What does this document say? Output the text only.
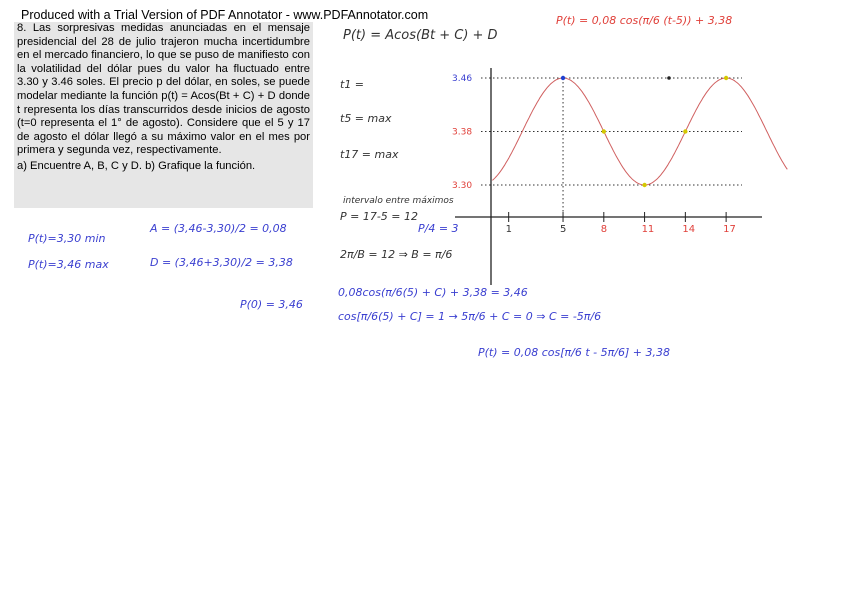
Produced with a Trial Version of PDF Annotator - www.PDFAnnotator.com
8. Las sorpresivas medidas anunciadas en el mensaje presidencial del 28 de julio trajeron mucha incertidumbre en el mercado financiero, lo que se puso de manifiesto con la volatilidad del dólar pues du valor ha fluctuado entre 3.30 y 3.46 soles. El precio p del dólar, en soles, se puede modelar mediante la función p(t) = Acos(Bt + C) + D donde t representa los días transcurridos desde inicios de agosto (t=0 representa el 1° de agosto). Considere que el 5 y 17 de agosto el dólar llegó a su máximo valor en el mes por primera y segunda vez, respectivamente.
a) Encuentre A, B, C y D. b) Grafique la función.
P(t)=3,30 min
P(t)=3,46 max
A = (3,46-3,30)/2 = 0,08
D = (3,46+3,30)/2 = 3,38
P(0) = 3,46
P(t) = Acos(Bt + C) + D
t1 =
t5 = max
t17 = max
intervalo entre máximos
P = 17-5 = 12
P/4 = 3
2π/B = 12 ⇒ B = π/6
0,08cos(π/6(5) + C) + 3,38 = 3,46
cos[π/6(5) + C] = 1 → 5π/6 + C = 0 ⇒ C = -5π/6
P(t) = 0,08 cos[π/6 t - 5π/6] + 3,38
P(t) = 0,08 cos(π/6 (t-5)) + 3,38
3.46
3.38
3.30
1	5	8	11	14	17
